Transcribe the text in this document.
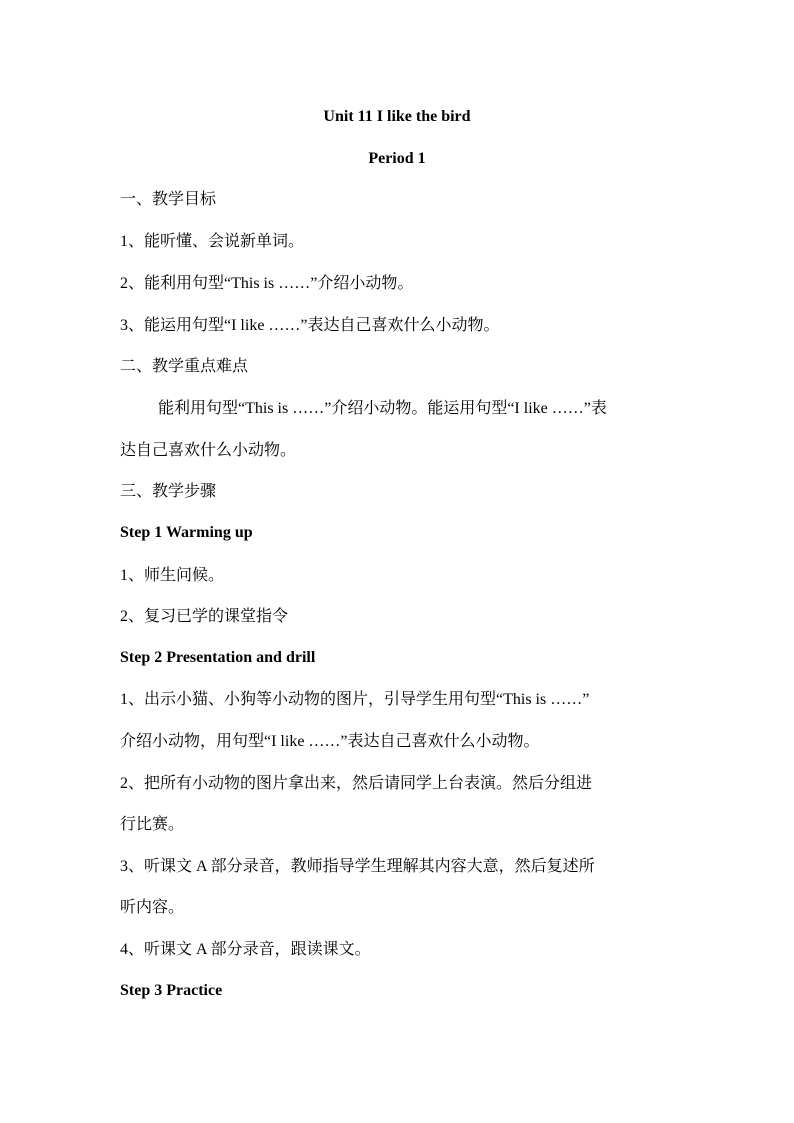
Unit 11 I like the bird
Period 1
一、教学目标
1、能听懂、会说新单词。
2、能利用句型“This is ……”介绍小动物。
3、能运用句型“I like ……”表达自己喜欢什么小动物。
二、教学重点难点
能利用句型“This is ……”介绍小动物。能运用句型“I like ……”表
达自己喜欢什么小动物。
三、教学步骤
Step 1 Warming up
1、师生问候。
2、复习已学的课堂指令
Step 2 Presentation and drill
1、出示小猫、小狗等小动物的图片，引导学生用句型“This is ……”
介绍小动物，用句型“I like ……”表达自己喜欢什么小动物。
2、把所有小动物的图片拿出来，然后请同学上台表演。然后分组进
行比赛。
3、听课文 A 部分录音，教师指导学生理解其内容大意，然后复述所
听内容。
4、听课文 A 部分录音，跟读课文。
Step 3 Practice
